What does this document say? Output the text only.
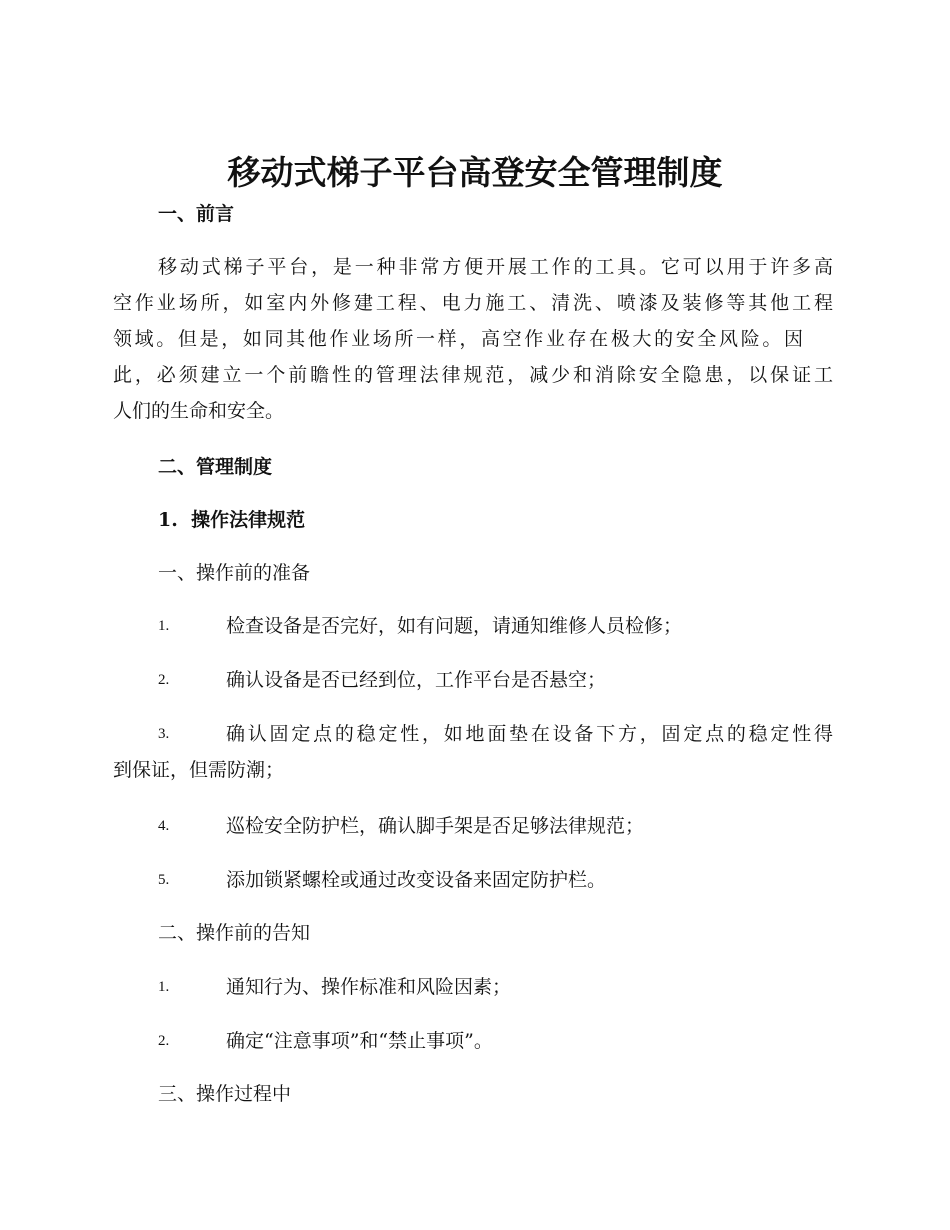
移动式梯子平台高登安全管理制度
一、前言
移动式梯子平台，是一种非常方便开展工作的工具。它可以用于许多高
空作业场所，如室内外修建工程、电力施工、清洗、喷漆及装修等其他工程
领域。但是，如同其他作业场所一样，高空作业存在极大的安全风险。因
此，必须建立一个前瞻性的管理法律规范，减少和消除安全隐患，以保证工
人们的生命和安全。
二、管理制度
1.  操作法律规范
一、操作前的准备
1.	检查设备是否完好，如有问题，请通知维修人员检修；
2.	确认设备是否已经到位，工作平台是否悬空；
3.	确认固定点的稳定性，如地面垫在设备下方，固定点的稳定性得
到保证，但需防潮；
4.	巡检安全防护栏，确认脚手架是否足够法律规范；
5.	添加锁紧螺栓或通过改变设备来固定防护栏。
二、操作前的告知
1.	通知行为、操作标准和风险因素；
2.	确定“注意事项”和“禁止事项”。
三、操作过程中
